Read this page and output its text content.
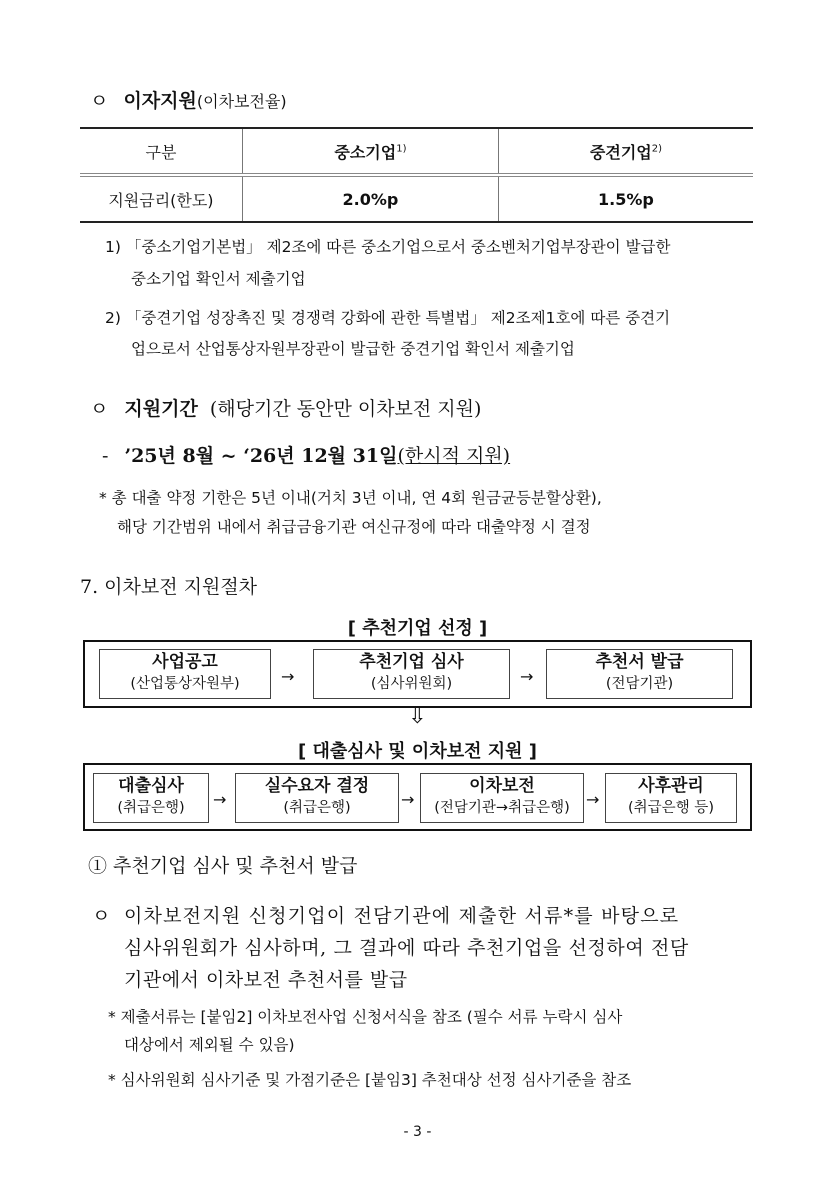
ㅇ 이자지원(이차보전율)
구분	중소기업$^{1)}$	중견기업$^{2)}$
지원금리(한도)	2.0%p	1.5%p
1) 「중소기업기본법」 제2조에 따른 중소기업으로서 중소벤처기업부장관이 발급한
중소기업 확인서 제출기업
2) 「중견기업 성장촉진 및 경쟁력 강화에 관한 특별법」 제2조제1호에 따른 중견기
업으로서 산업통상자원부장관이 발급한 중견기업 확인서 제출기업
ㅇ 지원기간 (해당기간 동안만 이차보전 지원)
- ’25년 8월 ~ ‘26년 12월 31일(한시적 지원)
* 총 대출 약정 기한은 5년 이내(거치 3년 이내, 연 4회 원금균등분할상환),
해당 기간범위 내에서 취급금융기관 여신규정에 따라 대출약정 시 결정
7. 이차보전 지원절차
[ 추천기업 선정 ]
사업공고
(산업통상자원부)	→
추천기업 심사
(심사위원회)	→
추천서 발급
(전담기관)
⇩
[ 대출심사 및 이차보전 지원 ]
대출심사
(취급은행)	→
실수요자 결정
(취급은행)	→
이차보전
(전담기관→취급은행)	→
사후관리
(취급은행 등)
① 추천기업 심사 및 추천서 발급
ㅇ 이차보전지원 신청기업이 전담기관에 제출한 서류*를 바탕으로
심사위원회가 심사하며, 그 결과에 따라 추천기업을 선정하여 전담
기관에서 이차보전 추천서를 발급
* 제출서류는 [붙임2] 이차보전사업 신청서식을 참조 (필수 서류 누락시 심사
대상에서 제외될 수 있음)
* 심사위원회 심사기준 및 가점기준은 [붙임3] 추천대상 선정 심사기준을 참조
- 3 -
